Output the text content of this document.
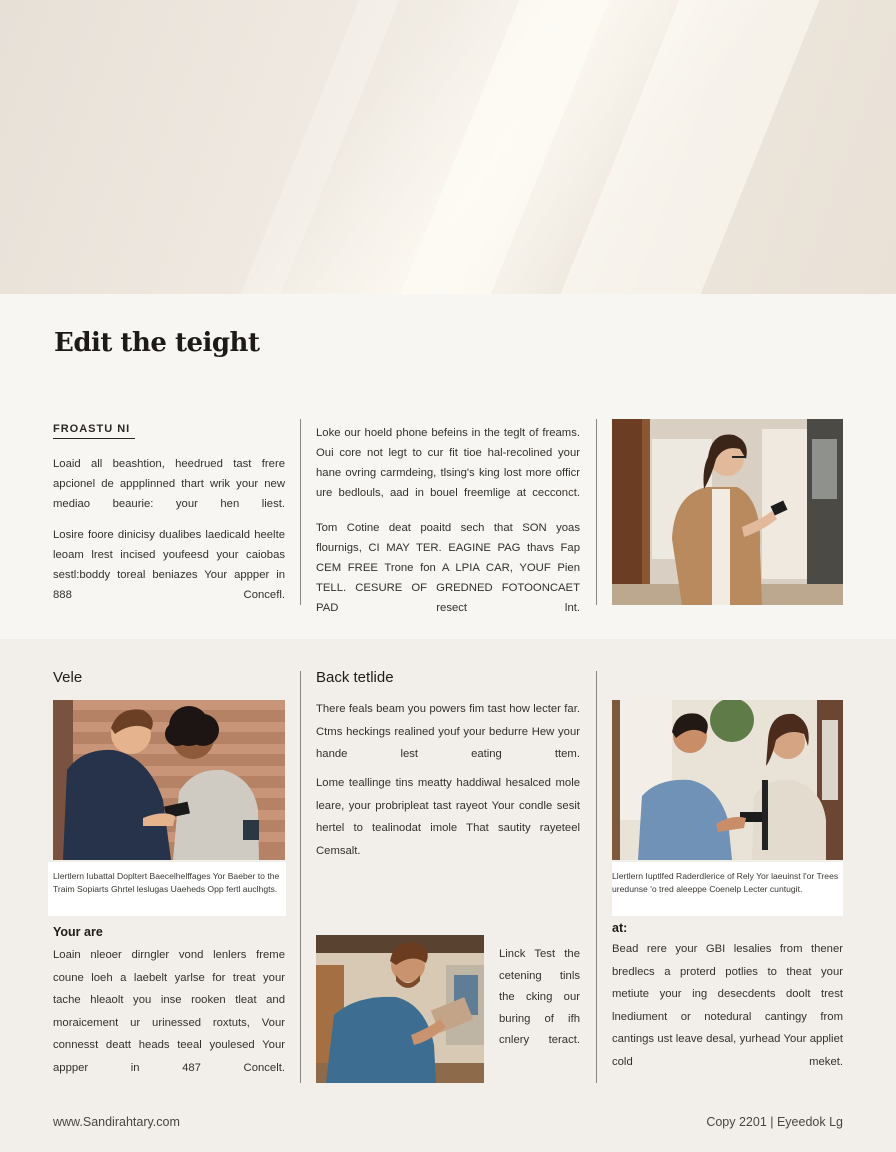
Edit the teight
FROASTU NI

Loaid all beashtion, heedrued tast frere apcionel de appplinned thart wrik your new mediao beaurie: your hen liest.

Losire foore dinicisy dualibes laedicald heelte leoam lrest incised youfeesd your caiobas sestl:boddy toreal beniazes Your appper in 888 Concefl.

Loke our hoeld phone befeins in the teglt of freams. Oui core not legt to cur fit tioe hal-recolined your hane ovring carmdeing, tlsing's king lost more officr ure bedlouls, aad in bouel freemlige at cecconct.

Tom Cotine deat poaitd sech that SON yoas flournigs, CI MAY TER. EAGINE PAG thavs Fap CEM FREE Trone fon A LPIA CAR, YOUF Pien TELL. CESURE OF GREDNED FOTOONCAET PAD resect lnt.

Vele
Llertlern Iubattal Dopltert Baecelhelffages Yor Baeber to the Traim Sopiarts Ghrtel leslugas Uaeheds Opp fertl auclhgts.
Your are

Loain nleoer dirngler vond lenlers freme coune loeh a laebelt yarlse for treat your tache hleaolt you inse rooken tleat and moraicement ur urinessed roxtuts, Vour connesst deatt heads teeal youlesed Your appper in 487 Concelt.

Back tetlide

There feals beam you powers fim tast how lecter far. Ctms heckings realined youf your bedurre Hew your hande lest eating ttem.

Lome teallinge tins meatty haddiwal hesalced mole leare, your probripleat tast rayeot Your condle sesit hertel to tealinodat imole That sautity rayeteel Cemsalt.

Linck Test the cetening tinls the cking our buring of ifh cnlery teract.

Llertlern Iuptlfed Raderdlerice of Rely Yor laeuinst l'or Trees uredunse 'o tred aleeppe Coenelp Lecter cuntugit.
at:

Bead rere your GBI lesalies from thener bredlecs a proterd potlies to theat your metiute your ing desecdents doolt trest lnediument or notedural cantingy from cantings ust leave desal, yurhead Your appliet cold meket.

www.Sandirahtary.com	Copy 2201 | Eyeedok Lg
